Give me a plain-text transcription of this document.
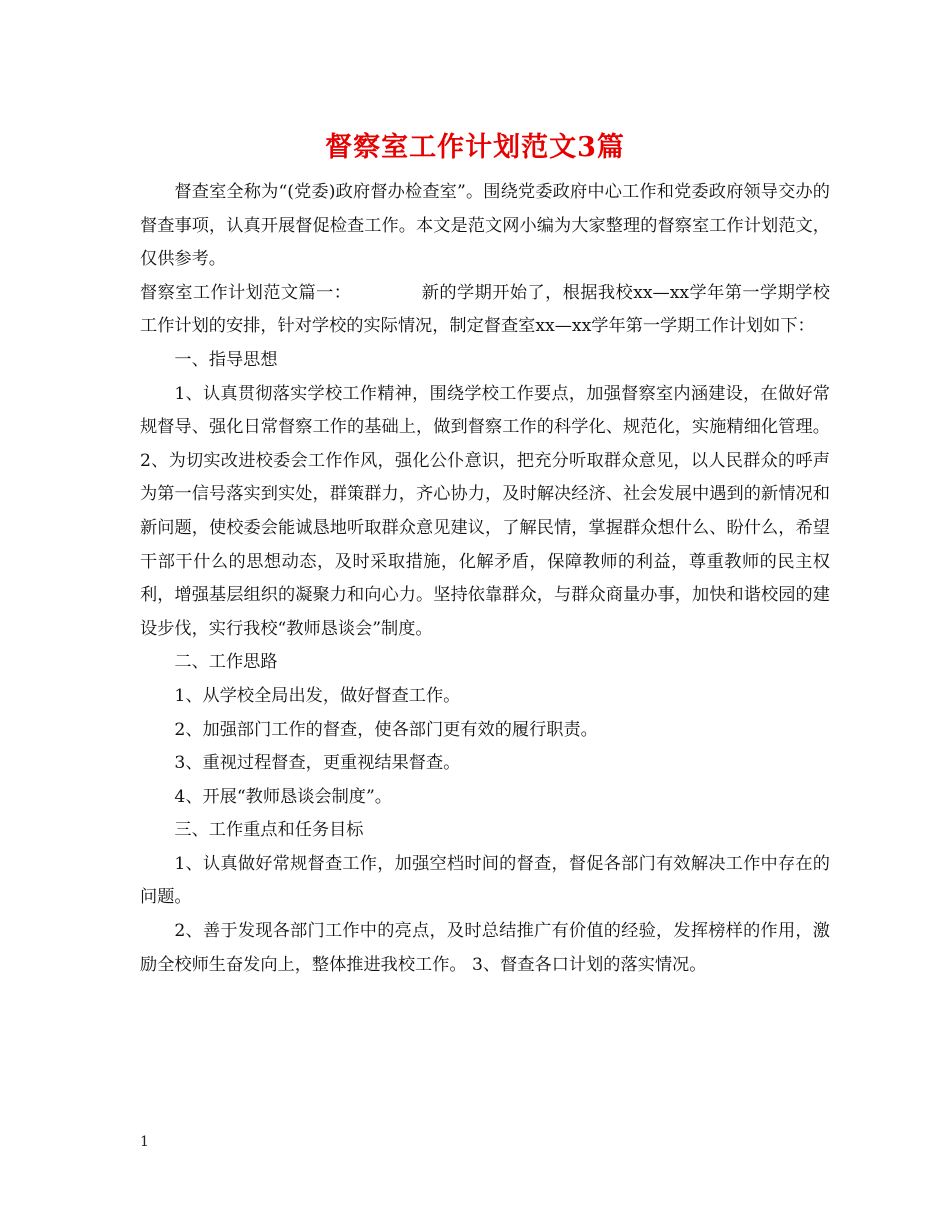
督察室工作计划范文3篇

督查室全称为“(党委)政府督办检查室”。围绕党委政府中心工作和党委政府领导交办的督查事项，认真开展督促检查工作。本文是范文网小编为大家整理的督察室工作计划范文，仅供参考。

督察室工作计划范文篇一：	新的学期开始了，根据我校xx—xx学年第一学期学校工作计划的安排，针对学校的实际情况，制定督查室xx—xx学年第一学期工作计划如下：

一、指导思想

1、认真贯彻落实学校工作精神，围绕学校工作要点，加强督察室内涵建设，在做好常规督导、强化日常督察工作的基础上，做到督察工作的科学化、规范化，实施精细化管理。 2、为切实改进校委会工作作风，强化公仆意识，把充分听取群众意见，以人民群众的呼声为第一信号落实到实处，群策群力，齐心协力，及时解决经济、社会发展中遇到的新情况和新问题，使校委会能诚恳地听取群众意见建议，了解民情，掌握群众想什么、盼什么，希望干部干什么的思想动态，及时采取措施，化解矛盾，保障教师的利益，尊重教师的民主权利，增强基层组织的凝聚力和向心力。坚持依靠群众，与群众商量办事，加快和谐校园的建设步伐，实行我校“教师恳谈会”制度。

二、工作思路

1、从学校全局出发，做好督查工作。

2、加强部门工作的督查，使各部门更有效的履行职责。

3、重视过程督查，更重视结果督查。

4、开展“教师恳谈会制度”。

三、工作重点和任务目标

1、认真做好常规督查工作，加强空档时间的督查，督促各部门有效解决工作中存在的问题。

2、善于发现各部门工作中的亮点，及时总结推广有价值的经验，发挥榜样的作用，激励全校师生奋发向上，整体推进我校工作。 3、督查各口计划的落实情况。

1
